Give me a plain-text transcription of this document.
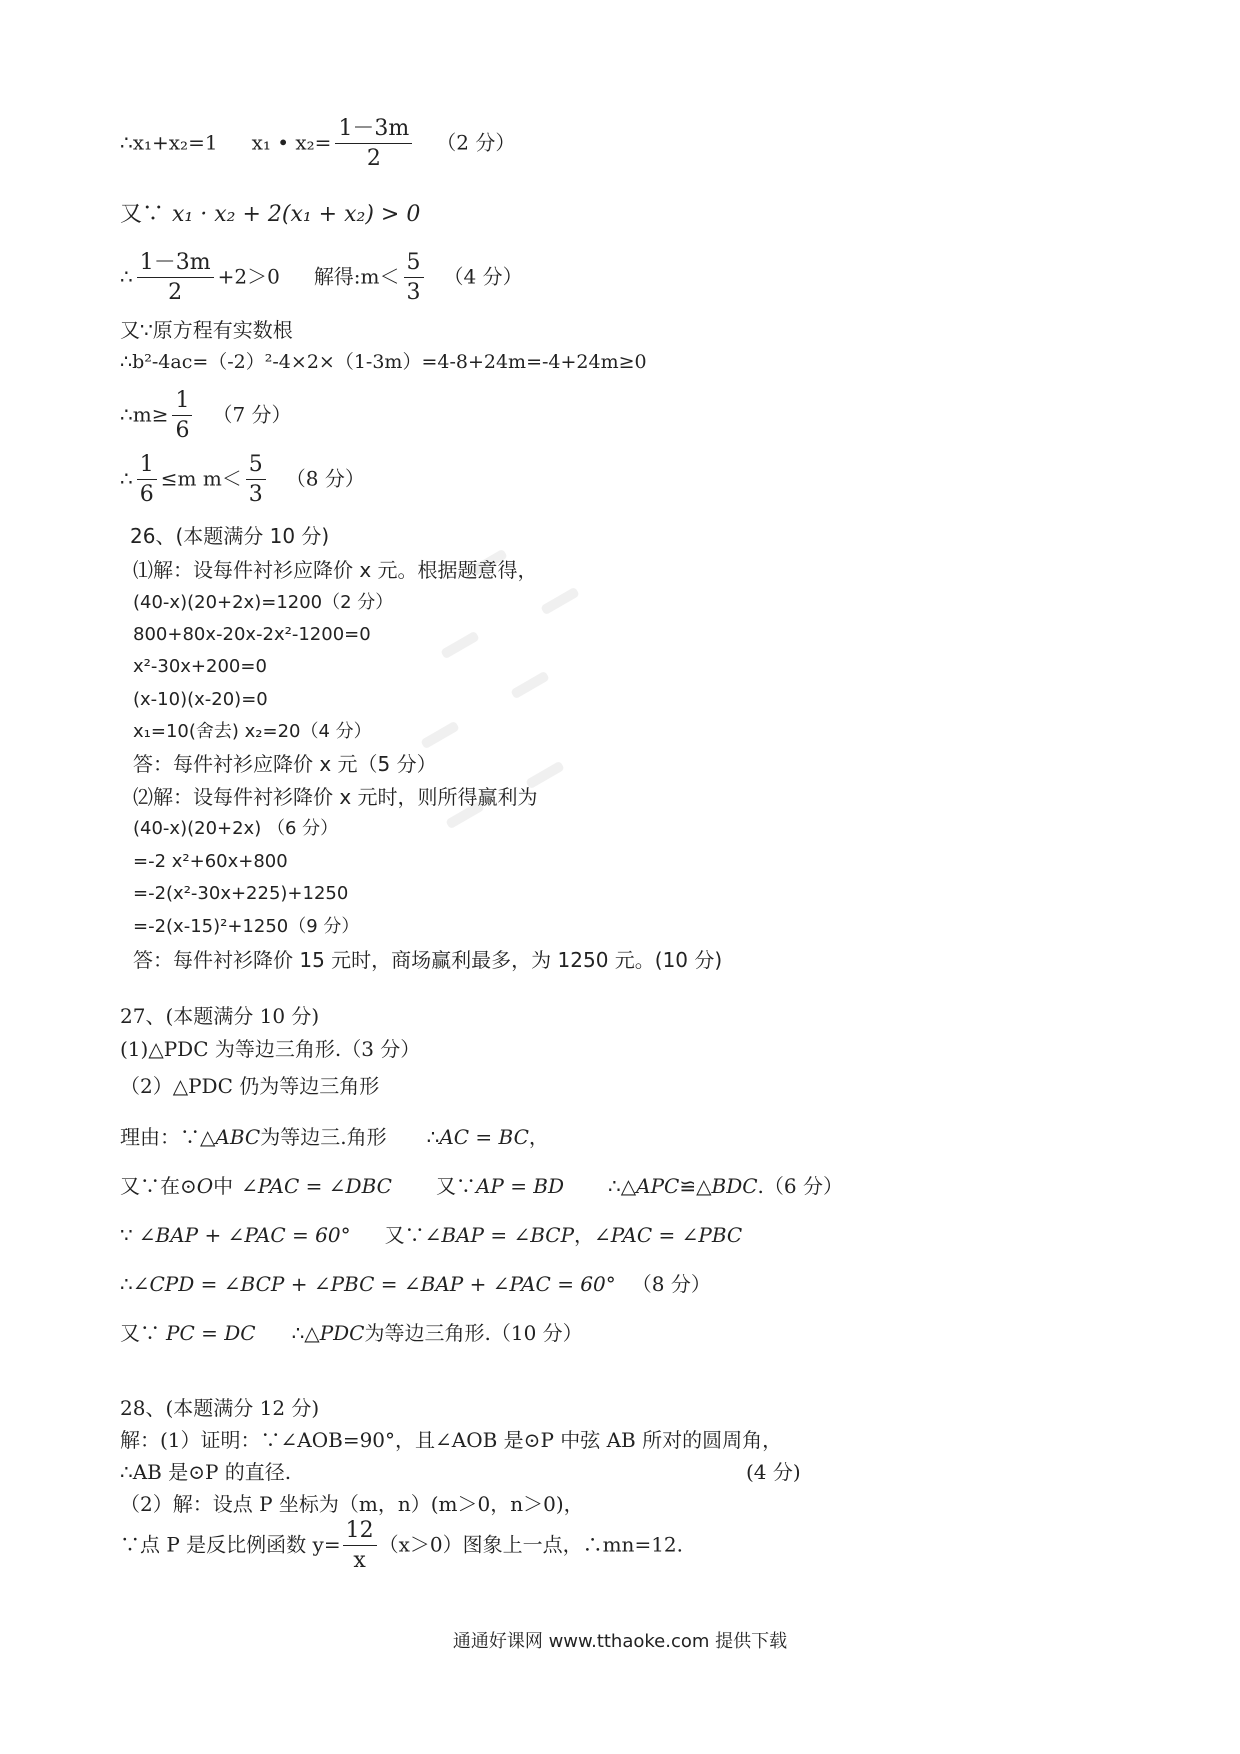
∴x₁+x₂=1 x₁ • $x_2= \frac{1-3m}{2} (2$ 分）
又∵ x₁ · x₂ + 2(x₁ + x₂) > 0
∴ $\frac{1-3m}{2} +2>0$ 解得:m＜ $\frac{5}{3} (4$ 分）
又∵原方程有实数根
∴b²-4ac=（-2）²-4×2×（1-3m）=4-8+24m=-4+24m≥0
∴m≥ $\frac{1}{6} (7$ 分）
∴ $\frac{1}{6} \le m$ $m< \frac{5}{3} (8$ 分）
26、(本题满分 10 分)
⑴解：设每件衬衫应降价 x 元。根据题意得，
(40-x)(20+2x)=1200（2 分）
800+80x-20x-2x²-1200=0
x²-30x+200=0
(x-10)(x-20)=0
x₁=10(舍去) x₂=20（4 分）
答：每件衬衫应降价 x 元（5 分）
⑵解：设每件衬衫降价 x 元时，则所得赢利为
(40-x)(20+2x) （6 分）
=-2 x²+60x+800
=-2(x²-30x+225)+1250
=-2(x-15)²+1250（9 分）
答：每件衬衫降价 15 元时，商场赢利最多，为 1250 元。(10 分)
27、(本题满分 10 分)
(1)△PDC 为等边三角形.（3 分）
（2）△PDC 仍为等边三角形
理由：∵△ABC为等边三.角形 ∴AC = BC，
又∵在⊙O中 ∠PAC = ∠DBC 又∵AP = BD ∴△APC≌△BDC.（6 分）
∵ ∠BAP + ∠PAC = 60° 又∵∠BAP = ∠BCP，∠PAC = ∠PBC
∴∠CPD = ∠BCP + ∠PBC = ∠BAP + ∠PAC = 60° （8 分）
又∵ PC = DC ∴△PDC为等边三角形.（10 分）
28、(本题满分 12 分)
解：(1）证明：∵∠AOB=90°，且∠AOB 是⊙P 中弦 AB 所对的圆周角，
∴AB 是⊙P 的直径.	(4 分)
（2）解：设点 P 坐标为（m，n）(m＞0，n＞0)，
∵点 P 是反比例函数 $y= \frac{12}{x} (x>0)$图象上一点，∴mn=12.
通通好课网 www.tthaoke.com 提供下载
